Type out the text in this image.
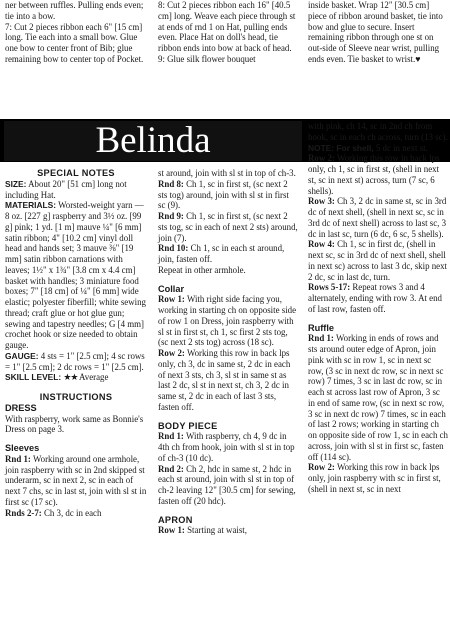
ner between ruffles. Pulling ends even; tie into a bow.

7: Cut 2 pieces ribbon each 6" [15 cm] long. Tie each into a small bow. Glue one bow to center front of Bib; glue remaining bow to center top of Pocket.

8: Cut 2 pieces ribbon each 16" [40.5 cm] long. Weave each piece through st at ends of rnd 1 on Hat, pulling ends even. Place Hat on doll's head, tie ribbon ends into bow at back of head.

9: Glue silk flower bouquet

inside basket. Wrap 12" [30.5 cm] piece of ribbon around basket, tie into bow and glue to secure. Insert remaining ribbon through one st on out-side of Sleeve near wrist, pulling ends even. Tie basket to wrist.♥

Belinda

SPECIAL NOTES

SIZE: About 20" [51 cm] long not including Hat.

MATERIALS: Worsted-weight yarn — 8 oz. [227 g] raspberry and 3½ oz. [99 g] pink; 1 yd. [1 m] mauve ¼" [6 mm] satin ribbon; 4" [10.2 cm] vinyl doll head and hands set; 3 mauve ⅜" [19 mm] satin ribbon carnations with leaves; 1½" x 1¾" [3.8 cm x 4.4 cm] basket with handles; 3 miniature food boxes; 7" [18 cm] of ¼" [6 mm] wide elastic; polyester fiberfill; white sewing thread; craft glue or hot glue gun; sewing and tapestry needles; G [4 mm] crochet hook or size needed to obtain gauge.

GAUGE: 4 sts = 1" [2.5 cm]; 4 sc rows = 1" [2.5 cm]; 2 dc rows = 1" [2.5 cm].

SKILL LEVEL: ★★ Average

INSTRUCTIONS

DRESS

With raspberry, work same as Bonnie's Dress on page 3.

Sleeves

Rnd 1: Working around one armhole, join raspberry with sc in 2nd skipped st underarm, sc in next 2, sc in each of next 7 chs, sc in last st, join with sl st in first sc (17 sc).

Rnds 2-7: Ch 3, dc in each

st around, join with sl st in top of ch-3.

Rnd 8: Ch 1, sc in first st, (sc next 2 sts tog) around, join with sl st in first sc (9).

Rnd 9: Ch 1, sc in first st, (sc next 2 sts tog, sc in each of next 2 sts) around, join (7).

Rnd 10: Ch 1, sc in each st around, join, fasten off.

Repeat in other armhole.

Collar

Row 1: With right side facing you, working in starting ch on opposite side of row 1 on Dress, join raspberry with sl st in first st, ch 1, sc first 2 sts tog, (sc next 2 sts tog) across (18 sc).

Row 2: Working this row in back lps only, ch 3, dc in same st, 2 dc in each of next 3 sts, ch 3, sl st in same st as last 2 dc, sl st in next st, ch 3, 2 dc in same st, 2 dc in each of last 3 sts, fasten off.

BODY PIECE

Rnd 1: With raspberry, ch 4, 9 dc in 4th ch from hook, join with sl st in top of ch-3 (10 dc).

Rnd 2: Ch 2, hdc in same st, 2 hdc in each st around, join with sl st in top of ch-2 leaving 12" [30.5 cm] for sewing, fasten off (20 hdc).

APRON

Row 1: Starting at waist,

with pink, ch 14, sc in 2nd ch from hook, sc in each ch across, turn (13 sc).

NOTE: For shell, 5 dc in next st.

Row 2: Working this row in back lps only, ch 1, sc in first st, (shell in next st, sc in next st) across, turn (7 sc, 6 shells).

Row 3: Ch 3, 2 dc in same st, sc in 3rd dc of next shell, (shell in next sc, sc in 3rd dc of next shell) across to last sc, 3 dc in last sc, turn (6 dc, 6 sc, 5 shells).

Row 4: Ch 1, sc in first dc, (shell in next sc, sc in 3rd dc of next shell, shell in next sc) across to last 3 dc, skip next 2 dc, sc in last dc, turn.

Rows 5-17: Repeat rows 3 and 4 alternately, ending with row 3. At end of last row, fasten off.

Ruffle

Rnd 1: Working in ends of rows and sts around outer edge of Apron, join pink with sc in row 1, sc in next sc row, (3 sc in next dc row, sc in next sc row) 7 times, 3 sc in last dc row, sc in each st across last row of Apron, 3 sc in end of same row, (sc in next sc row, 3 sc in next dc row) 7 times, sc in each of last 2 rows; working in starting ch on opposite side of row 1, sc in each ch across, join with sl st in first sc, fasten off (114 sc).

Row 2: Working this row in back lps only, join raspberry with sc in first st, (shell in next st, sc in next
